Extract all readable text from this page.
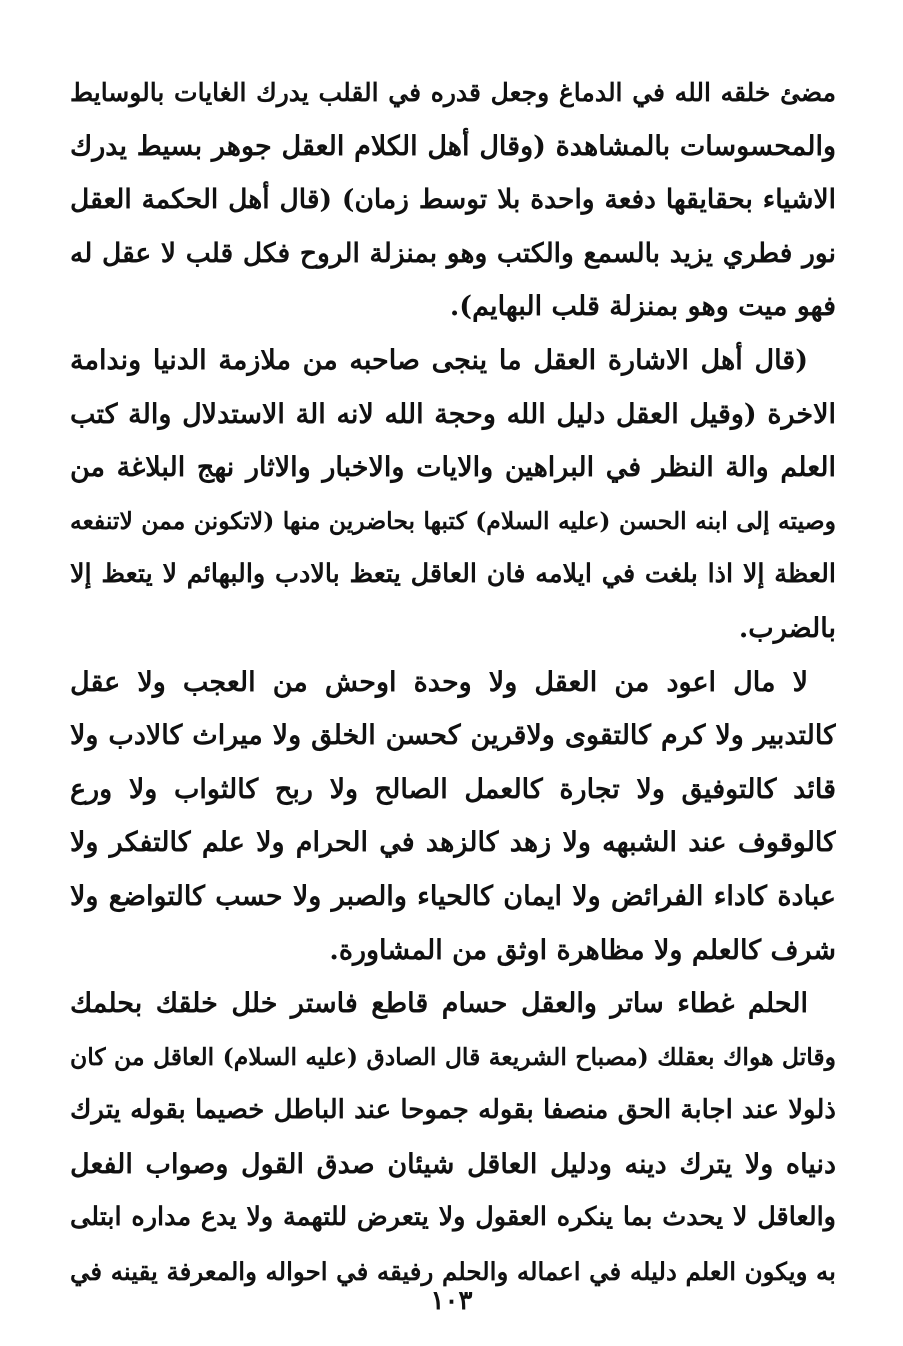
مضئ خلقه الله في الدماغ وجعل قدره في القلب يدرك الغايات بالوسايط
والمحسوسات بالمشاهدة (وقال أهل الكلام العقل جوهر بسيط يدرك
الاشياء بحقايقها دفعة واحدة بلا توسط زمان) (قال أهل الحكمة العقل
نور فطري يزيد بالسمع والكتب وهو بمنزلة الروح فكل قلب لا عقل له
فهو ميت وهو بمنزلة قلب البهايم).
(قال أهل الاشارة العقل ما ينجى صاحبه من ملازمة الدنيا وندامة
الاخرة (وقيل العقل دليل الله وحجة الله لانه الة الاستدلال والة كتب
العلم والة النظر في البراهين والايات والاخبار والاثار نهج البلاغة من
وصيته إلى ابنه الحسن (عليه السلام) كتبها بحاضرين منها (لاتكونن ممن لاتنفعه
العظة إلا اذا بلغت في ايلامه فان العاقل يتعظ بالادب والبهائم لا يتعظ إلا
بالضرب.
لا مال اعود من العقل ولا وحدة اوحش من العجب ولا عقل
كالتدبير ولا كرم كالتقوى ولاقرين كحسن الخلق ولا ميراث كالادب ولا
قائد كالتوفيق ولا تجارة كالعمل الصالح ولا ربح كالثواب ولا ورع
كالوقوف عند الشبهه ولا زهد كالزهد في الحرام ولا علم كالتفكر ولا
عبادة كاداء الفرائض ولا ايمان كالحياء والصبر ولا حسب كالتواضع ولا
شرف كالعلم ولا مظاهرة اوثق من المشاورة.
الحلم غطاء ساتر والعقل حسام قاطع فاستر خلل خلقك بحلمك
وقاتل هواك بعقلك (مصباح الشريعة قال الصادق (عليه السلام) العاقل من كان
ذلولا عند اجابة الحق منصفا بقوله جموحا عند الباطل خصيما بقوله يترك
دنياه ولا يترك دينه ودليل العاقل شيئان صدق القول وصواب الفعل
والعاقل لا يحدث بما ينكره العقول ولا يتعرض للتهمة ولا يدع مداره ابتلى
به ويكون العلم دليله في اعماله والحلم رفيقه في احواله والمعرفة يقينه في
١٠٣
